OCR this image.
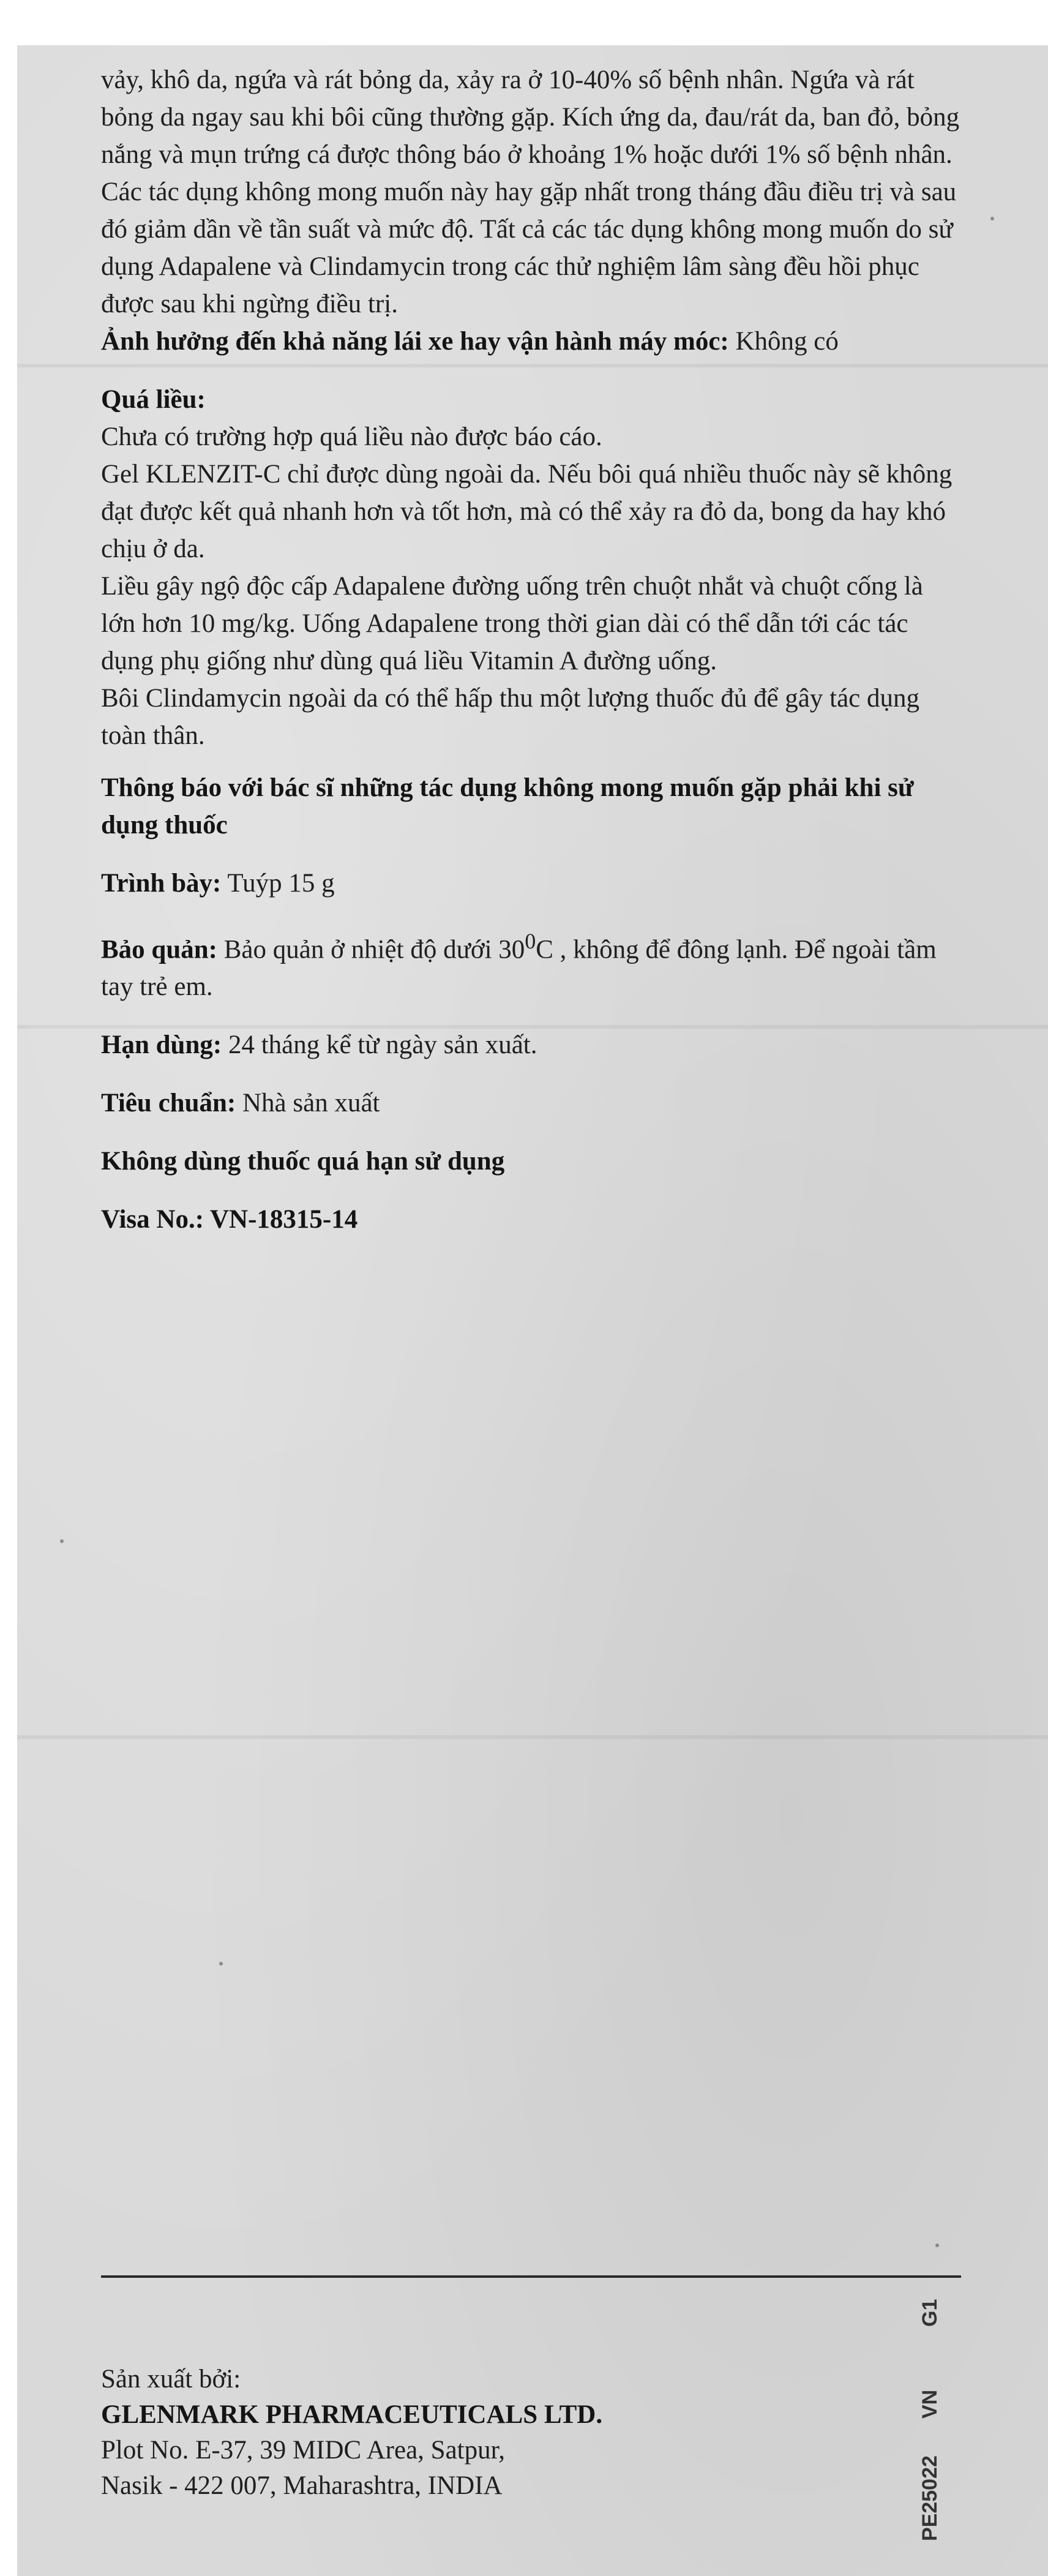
vảy, khô da, ngứa và rát bỏng da, xảy ra ở 10-40% số bệnh nhân. Ngứa và rát bỏng da ngay sau khi bôi cũng thường gặp. Kích ứng da, đau/rát da, ban đỏ, bỏng nắng và mụn trứng cá được thông báo ở khoảng 1% hoặc dưới 1% số bệnh nhân. Các tác dụng không mong muốn này hay gặp nhất trong tháng đầu điều trị và sau đó giảm dần về tần suất và mức độ. Tất cả các tác dụng không mong muốn do sử dụng Adapalene và Clindamycin trong các thử nghiệm lâm sàng đều hồi phục được sau khi ngừng điều trị.

Ảnh hưởng đến khả năng lái xe hay vận hành máy móc: Không có

Quá liều:

Chưa có trường hợp quá liều nào được báo cáo.

Gel KLENZIT-C chỉ được dùng ngoài da. Nếu bôi quá nhiều thuốc này sẽ không đạt được kết quả nhanh hơn và tốt hơn, mà có thể xảy ra đỏ da, bong da hay khó chịu ở da.

Liều gây ngộ độc cấp Adapalene đường uống trên chuột nhắt và chuột cống là lớn hơn 10 mg/kg. Uống Adapalene trong thời gian dài có thể dẫn tới các tác dụng phụ giống như dùng quá liều Vitamin A đường uống.

Bôi Clindamycin ngoài da có thể hấp thu một lượng thuốc đủ để gây tác dụng toàn thân.

Thông báo với bác sĩ những tác dụng không mong muốn gặp phải khi sử dụng thuốc

Trình bày: Tuýp 15 g

Bảo quản: Bảo quản ở nhiệt độ dưới $30^0C$ , không để đông lạnh. Để ngoài tầm tay trẻ em.

Hạn dùng: 24 tháng kể từ ngày sản xuất.

Tiêu chuẩn: Nhà sản xuất

Không dùng thuốc quá hạn sử dụng

Visa No.: VN-18315-14

Sản xuất bởi:

GLENMARK PHARMACEUTICALS LTD.

Plot No. E-37, 39 MIDC Area, Satpur,

Nasik - 422 007, Maharashtra, INDIA	PE25022
VN
G1
